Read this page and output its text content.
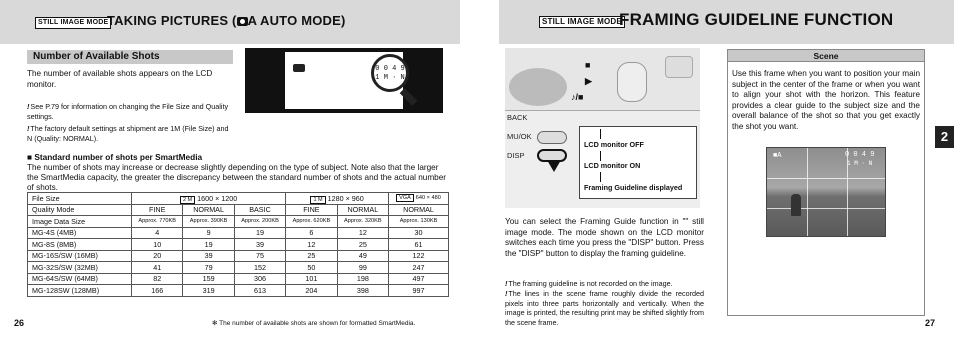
STILL IMAGE MODE
TAKING PICTURES ( A AUTO MODE)
Number of Available Shots
The number of available shots appears on the LCD monitor.
!See P.79 for information on changing the File Size and Quality settings.
!The factory default settings at shipment are 1M (File Size) and N (Quality: NORMAL).
0 0 4 9
1 M · N
■ Standard number of shots per SmartMedia
The number of shots may increase or decrease slightly depending on the type of subject. Note also that the larger the SmartMedia capacity, the greater the discrepancy between the standard number of shots and the actual number of shots.
File Size	2 M 1600 × 1200			1 M 1280 × 960		VGA 640 × 480
Quality Mode	FINE	NORMAL	BASIC	FINE	NORMAL	NORMAL
Image Data Size	Approx. 770KB	Approx. 390KB	Approx. 200KB	Approx. 620KB	Approx. 320KB	Approx. 130KB
MG-4S (4MB)	4	9	19	6	12	30
MG-8S (8MB)	10	19	39	12	25	61
MG-16S/SW (16MB)	20	39	75	25	49	122
MG-32S/SW (32MB)	41	79	152	50	99	247
MG-64S/SW (64MB)	82	159	306	101	198	497
MG-128SW (128MB)	166	319	613	204	398	997
26	✻ The number of available shots are shown for formatted SmartMedia.
STILL IMAGE MODE
FRAMING GUIDELINE FUNCTION
■
▶
♪/■
BACK
MU/OK
DISP
LCD monitor OFF
LCD monitor ON
Framing Guideline displayed
You can select the Framing Guide function in "" still image mode. The mode shown on the LCD monitor switches each time you press the "DISP" button. Press the "DISP" button to display the framing guideline.
!The framing guideline is not recorded on the image.
!The lines in the scene frame roughly divide the recorded pixels into three parts horizontally and vertically. When the image is printed, the resulting print may be shifted slightly from the scene frame.
Scene
Use this frame when you want to position your main subject in the center of the frame or when you want to align your shot with the horizon. This feature provides a clear guide to the subject size and the overall balance of the shot so that you get exactly the shot you want.
■A	0 0 4 9
1 M · N
2
27
